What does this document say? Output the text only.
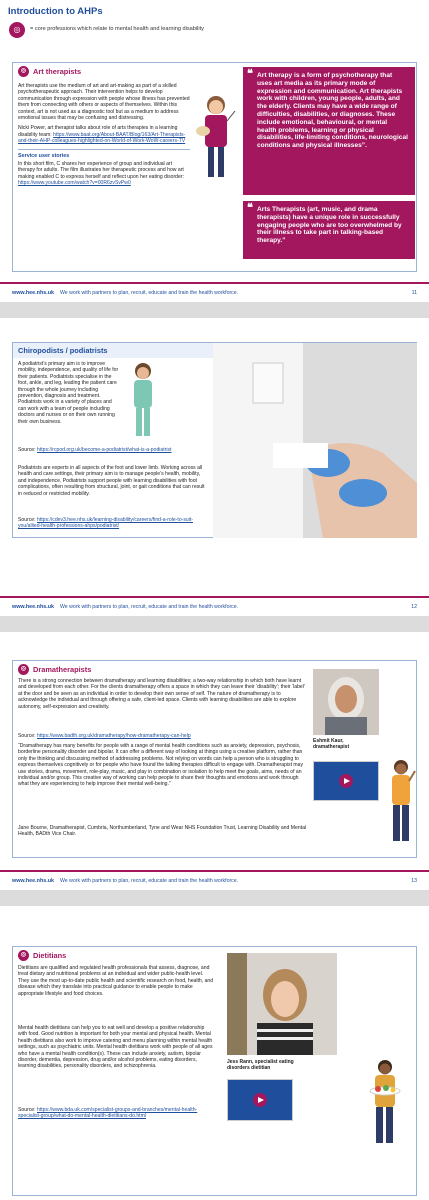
Introduction to AHPs
◎	= core professions which relate to mental health and learning disability
◎ Art therapists

Art therapists use the medium of art and art-making as part of a skilled psychotherapeutic approach. Their intervention helps to develop communication through expression with people whose illness has prevented them from connecting with others or aspects of themselves. Within this context, art is not used as a diagnostic tool but as a medium to address emotional issues that may be confusing and distressing.

Nicki Power, art therapist talks about role of arts therapies in a learning disability team: https://www.baat.org/About-BAAT/Blog/163/Art-Therapists-and-their-AHP-colleagues-highlighted-on-World-of-Work-WoW-careers-TV

Service user stories

In this short film, C shares her experience of group and individual art therapy for adults. The film illustrates her therapeutic process and how art making enabled C to express herself and reflect upon her eating disorder: https://www.youtube.com/watch?v=00R6zvSvPw0

❝ Art therapy is a form of psychotherapy that uses art media as its primary mode of expression and communication. Art therapists work with children, young people, adults, and the elderly. Clients may have a wide range of difficulties, disabilities, or diagnoses. These include emotional, behavioural, or mental health problems, learning or physical disabilities, life-limiting conditions, neurological conditions and physical illnesses”.
❝ Arts Therapists (art, music, and drama therapists) have a unique role in successfully engaging people who are too overwhelmed by their illness to take part in talking-based therapy.”
www.hee.nhs.uk We work with partners to plan, recruit, educate and train the health workforce.	11
Chiropodists / podiatrists
A podiatrist’s primary aim is to improve mobility, independence, and quality of life for their patients. Podiatrists specialise in the foot, ankle, and leg, leading the patient care through the whole journey including prevention, diagnosis and treatment. Podiatrists work in a variety of places and can work with a team of people including doctors and nurses or on their own running their own business.
Source: https://rcpod.org.uk/become-a-podiatrist/what-is-a-podiatrist
Podiatrists are experts in all aspects of the foot and lower limb. Working across all health and care settings, their primary aim is to manage people’s health, mobility, and independence. Podiatrists support people with learning disabilities with foot complications, often resulting from structural, joint, or gait conditions that can result in reduced or restricted mobility.
Source: https://cdev3.hee.nhs.uk/learning-disability/careers/find-a-role-to-suit-you/allied-health-professions-ahps/podiatrist/
www.hee.nhs.uk We work with partners to plan, recruit, educate and train the health workforce.	12
◎ Dramatherapists
There is a strong connection between dramatherapy and learning disabilities; a two-way relationship in which both have learnt and developed from each other. For the clients dramatherapy offers a space in which they can leave their ‘disability’; their ‘label’ at the door and be seen as an individual in order to develop their own sense of self. The nature of dramatherapy is to acknowledge the individual and through offering a safe, client-led space. Clients with learning disabilities are able to explore autonomy, self-expression and creativity.
Source: https://www.badth.org.uk/dramatherapy/how-dramatherapy-can-help
“Dramatherapy has many benefits for people with a range of mental health conditions such as anxiety, depression, psychosis, borderline personality disorder and bipolar. It can offer a different way of looking at things using a creative platform, rather than only the thinking and discussing method of addressing problems. Not relying on words can help a person who is struggling to express themselves cognitively or for people who have found the talking therapies difficult to engage with. Dramatherapist may use stories, drama, movement, role-play, music, and play in combination or isolation to help meet the goals, aims, needs of an individual and/or group. This creative way of working can help people to share their thoughts and emotions and work through what they are experiencing to help improve their mental well-being.”
Jane Bourne, Dramatherapist, Cumbria, Northumberland, Tyne and Wear NHS Foundation Trust, Learning Disability and Mental Health, BADth Vice Chair.
Eshmit Kaur, dramatherapist
www.hee.nhs.uk We work with partners to plan, recruit, educate and train the health workforce.	13
◎ Dietitians
Dietitians are qualified and regulated health professionals that assess, diagnose, and treat dietary and nutritional problems at an individual and wider public-health level. They use the most up-to-date public health and scientific research on food, health, and disease which they translate into practical guidance to enable people to make appropriate lifestyle and food choices.
Mental health dietitians can help you to eat well and develop a positive relationship with food. Good nutrition is important for both your mental and physical health. Mental health dietitians also work to improve catering and menu planning within mental health settings, such as psychiatric units. Mental health dietitians work with people of all ages who have a mental health condition(s). These can include anxiety, autism, bipolar disorder, dementia, depression, drug and/or alcohol problems, eating disorders, learning disabilities, personality disorders, and schizophrenia.
Source: https://www.bda.uk.com/specialist-groups-and-branches/mental-health-specialist-group/what-do-mental-health-dietitians-do.html
Jess Rann, specialist eating disorders dietitian
